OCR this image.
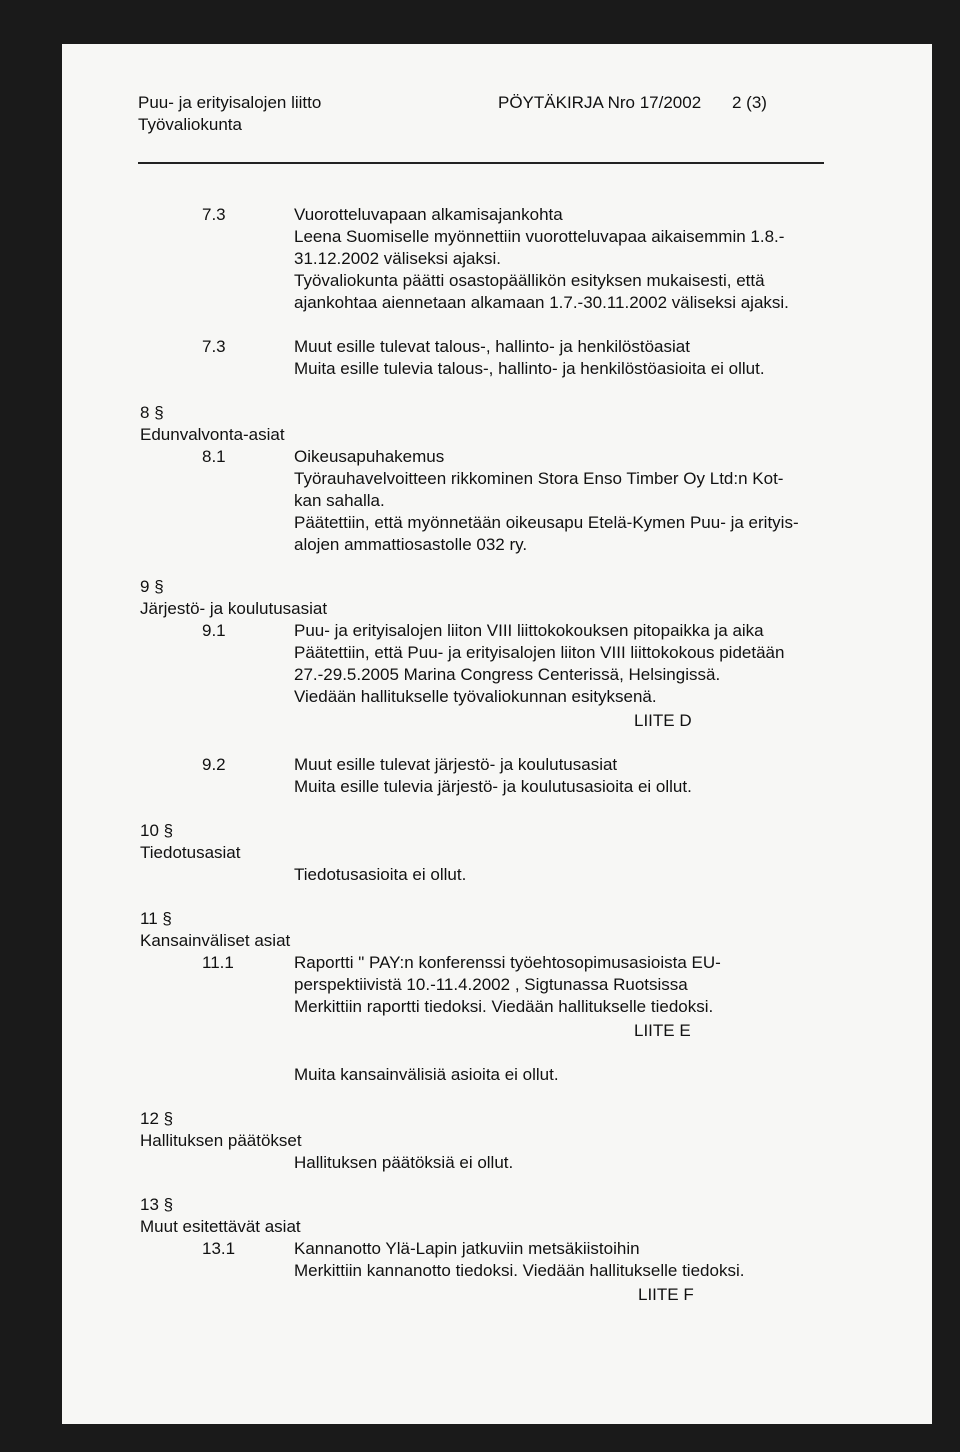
Puu- ja erityisalojen liitto
Työvaliokunta
PÖYTÄKIRJA Nro 17/2002 2 (3)
7.3	Vuorotteluvapaan alkamisajankohta
Leena Suomiselle myönnettiin vuorotteluvapaa aikaisemmin 1.8.-
31.12.2002 väliseksi ajaksi.
Työvaliokunta päätti osastopäällikön esityksen mukaisesti, että
ajankohtaa aiennetaan alkamaan 1.7.-30.11.2002 väliseksi ajaksi.
7.3	Muut esille tulevat talous-, hallinto- ja henkilöstöasiat
Muita esille tulevia talous-, hallinto- ja henkilöstöasioita ei ollut.
8 §
Edunvalvonta-asiat
8.1	Oikeusapuhakemus
Työrauhavelvoitteen rikkominen Stora Enso Timber Oy Ltd:n Kot-
kan sahalla.
Päätettiin, että myönnetään oikeusapu Etelä-Kymen Puu- ja erityis-
alojen ammattiosastolle 032 ry.
9 §
Järjestö- ja koulutusasiat
9.1	Puu- ja erityisalojen liiton VIII liittokokouksen pitopaikka ja aika
Päätettiin, että Puu- ja erityisalojen liiton VIII liittokokous pidetään
27.-29.5.2005 Marina Congress Centerissä, Helsingissä.
Viedään hallitukselle työvaliokunnan esityksenä.
LIITE D
9.2	Muut esille tulevat järjestö- ja koulutusasiat
Muita esille tulevia järjestö- ja koulutusasioita ei ollut.
10 §
Tiedotusasiat
Tiedotusasioita ei ollut.
11 §
Kansainväliset asiat
11.1	Raportti " PAY:n konferenssi työehtosopimusasioista EU-
perspektiivistä 10.-11.4.2002 , Sigtunassa Ruotsissa
Merkittiin raportti tiedoksi. Viedään hallitukselle tiedoksi.
LIITE E
Muita kansainvälisiä asioita ei ollut.
12 §
Hallituksen päätökset
Hallituksen päätöksiä ei ollut.
13 §
Muut esitettävät asiat
13.1	Kannanotto Ylä-Lapin jatkuviin metsäkiistoihin
Merkittiin kannanotto tiedoksi. Viedään hallitukselle tiedoksi.
LIITE F
